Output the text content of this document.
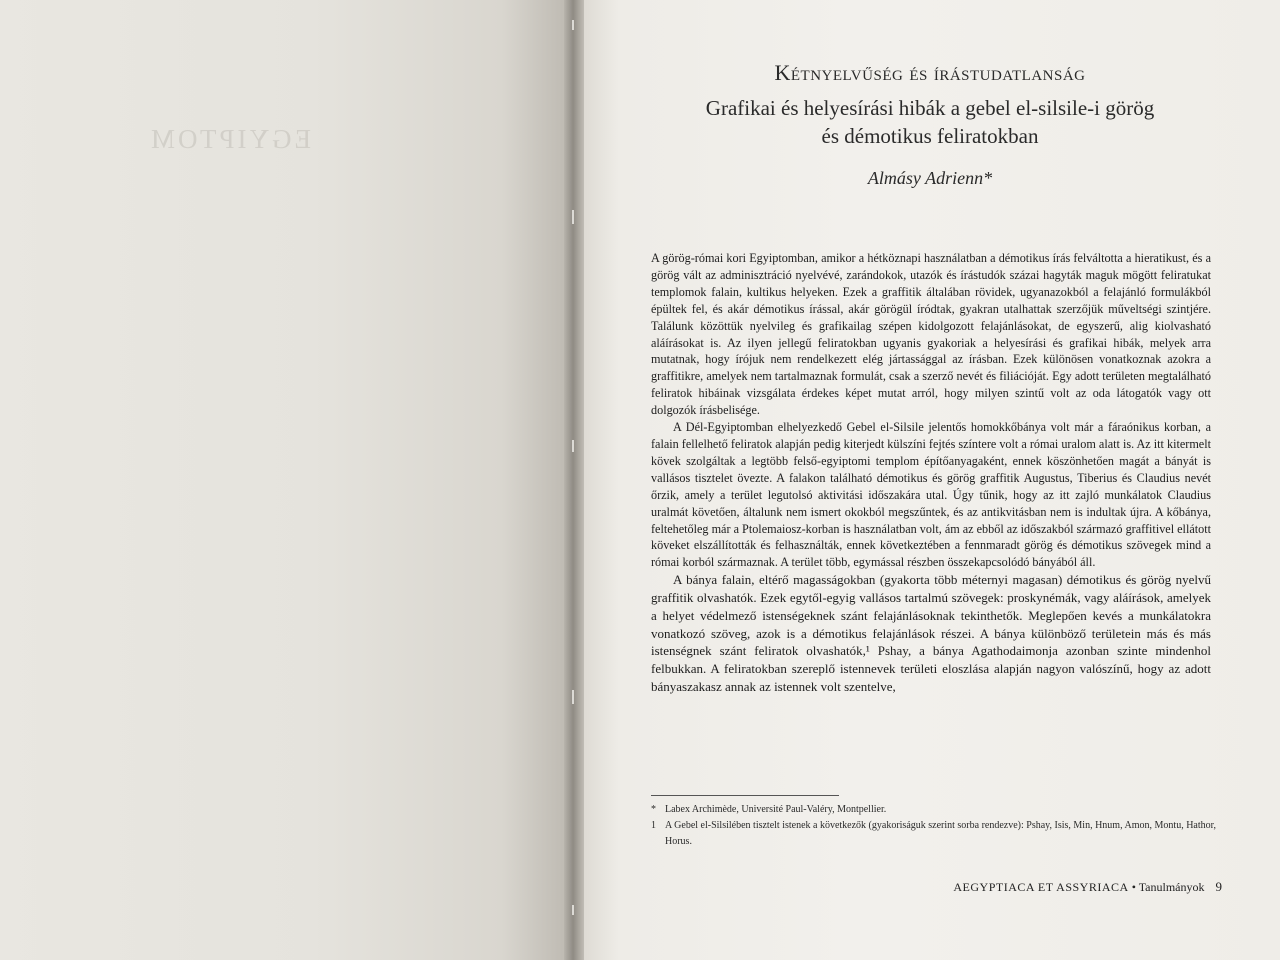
EGYIPTOM
Kétnyelvűség és írástudatlanság
Grafikai és helyesírási hibák a gebel el-silsile-i görög
és démotikus feliratokban
Almásy Adrienn*

A görög-római kori Egyiptomban, amikor a hétköznapi használatban a démotikus írás felváltotta a hieratikust, és a görög vált az adminisztráció nyelvévé, zarándokok, utazók és írástudók százai hagyták maguk mögött feliratukat templomok falain, kultikus helyeken. Ezek a graffitik általában rövidek, ugyanazokból a felajánló formulákból épültek fel, és akár démotikus írással, akár görögül íródtak, gyakran utalhattak szerzőjük műveltségi szintjére. Találunk közöttük nyelvileg és grafikailag szépen kidolgozott felajánlásokat, de egyszerű, alig kiolvasható aláírásokat is. Az ilyen jellegű feliratokban ugyanis gyakoriak a helyesírási és grafikai hibák, melyek arra mutatnak, hogy írójuk nem rendelkezett elég jártassággal az írásban. Ezek különösen vonatkoznak azokra a graffitikre, amelyek nem tartalmaznak formulát, csak a szerző nevét és filiációját. Egy adott területen megtalálható feliratok hibáinak vizsgálata érdekes képet mutat arról, hogy milyen szintű volt az oda látogatók vagy ott dolgozók írásbelisége.

A Dél-Egyiptomban elhelyezkedő Gebel el-Silsile jelentős homokkőbánya volt már a fáraónikus korban, a falain fellelhető feliratok alapján pedig kiterjedt külszíni fejtés színtere volt a római uralom alatt is. Az itt kitermelt kövek szolgáltak a legtöbb felső-egyiptomi templom építőanyagaként, ennek köszönhetően magát a bányát is vallásos tisztelet övezte. A falakon található démotikus és görög graffitik Augustus, Tiberius és Claudius nevét őrzik, amely a terület legutolsó aktivitási időszakára utal. Úgy tűnik, hogy az itt zajló munkálatok Claudius uralmát követően, általunk nem ismert okokból megszűntek, és az antikvitásban nem is indultak újra. A kőbánya, feltehetőleg már a Ptolemaiosz-korban is használatban volt, ám az ebből az időszakból származó graffitivel ellátott köveket elszállították és felhasználták, ennek következtében a fennmaradt görög és démotikus szövegek mind a római korból származnak. A terület több, egymással részben összekapcsolódó bányából áll.

A bánya falain, eltérő magasságokban (gyakorta több méternyi magasan) démotikus és görög nyelvű graffitik olvashatók. Ezek egytől-egyig vallásos tartalmú szövegek: proskynémák, vagy aláírások, amelyek a helyet védelmező istenségeknek szánt felajánlásoknak tekinthetők. Meglepően kevés a munkálatokra vonatkozó szöveg, azok is a démotikus felajánlások részei. A bánya különböző területein más és más istenségnek szánt feliratok olvashatók,¹ Pshay, a bánya Agathodaimonja azonban szinte mindenhol felbukkan. A feliratokban szereplő istennevek területi eloszlása alapján nagyon valószínű, hogy az adott bányaszakasz annak az istennek volt szentelve,

* Labex Archimède, Université Paul-Valéry, Montpellier.
1 A Gebel el-Silsilében tisztelt istenek a következők (gyakoriságuk szerint sorba rendezve): Pshay, Isis, Min, Hnum, Amon, Montu, Hathor, Horus.
AEGYPTIACA ET ASSYRIACA • Tanulmányok 9
